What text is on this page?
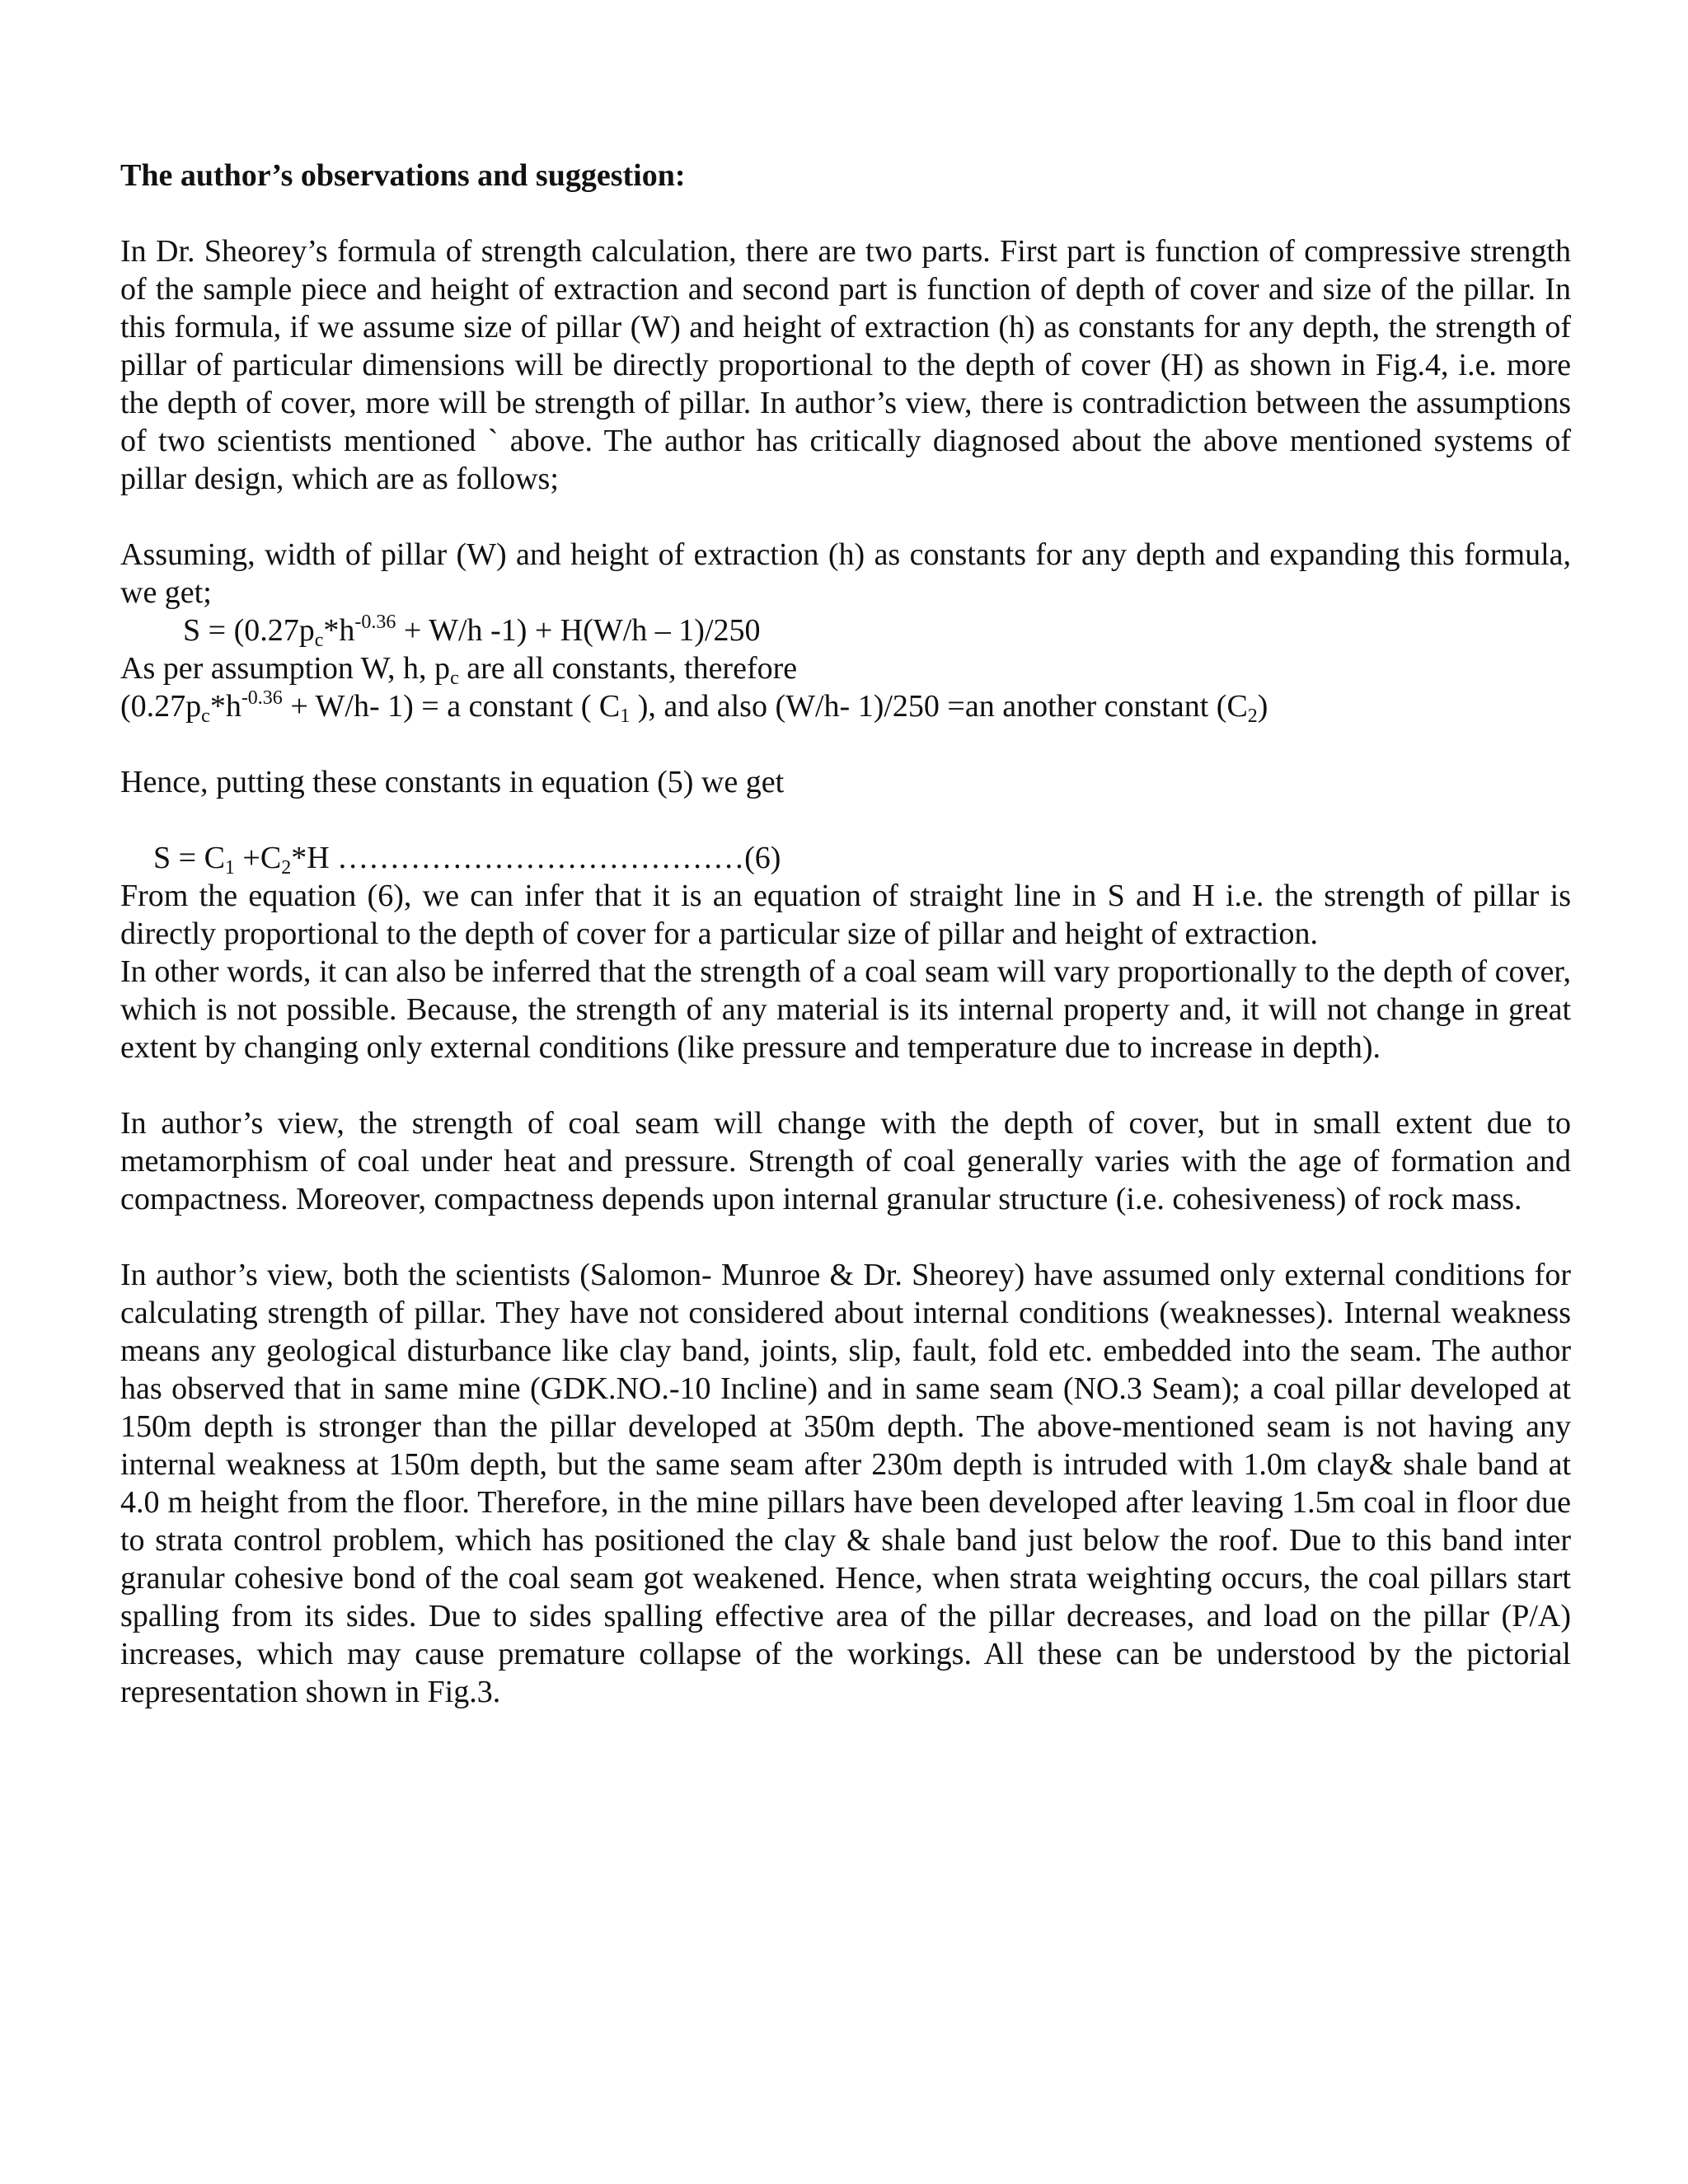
The author’s observations and suggestion:

In Dr. Sheorey’s formula of strength calculation, there are two parts. First part is function of compressive strength of the sample piece and height of extraction and second part is function of depth of cover and size of the pillar. In this formula, if we assume size of pillar (W) and height of extraction (h) as constants for any depth, the strength of pillar of particular dimensions will be directly proportional to the depth of cover (H) as shown in Fig.4, i.e. more the depth of cover, more will be strength of pillar. In author’s view, there is contradiction between the assumptions of two scientists mentioned ` above. The author has critically diagnosed about the above mentioned systems of pillar design, which are as follows;

Assuming, width of pillar (W) and height of extraction (h) as constants for any depth and expanding this formula, we get;

$S = (0.27p_c*h^{-0.36} + W/h$ -1) + H(W/h – 1)/250
As per assumption W, h, $p_c$ are all constants, therefore
($0.27p_c*h^{-0.36} + W/h-$ 1) = a constant ( $C_1$ ), and also (W/h- 1)/250 =an another constant $(C_2)$

Hence, putting these constants in equation (5) we get

$S = C_1 +C_2*H$ …………………………………(6)

From the equation (6), we can infer that it is an equation of straight line in S and H i.e. the strength of pillar is directly proportional to the depth of cover for a particular size of pillar and height of extraction.

In other words, it can also be inferred that the strength of a coal seam will vary proportionally to the depth of cover, which is not possible. Because, the strength of any material is its internal property and, it will not change in great extent by changing only external conditions (like pressure and temperature due to increase in depth).

In author’s view, the strength of coal seam will change with the depth of cover, but in small extent due to metamorphism of coal under heat and pressure. Strength of coal generally varies with the age of formation and compactness. Moreover, compactness depends upon internal granular structure (i.e. cohesiveness) of rock mass.

In author’s view, both the scientists (Salomon- Munroe & Dr. Sheorey) have assumed only external conditions for calculating strength of pillar. They have not considered about internal conditions (weaknesses). Internal weakness means any geological disturbance like clay band, joints, slip, fault, fold etc. embedded into the seam. The author has observed that in same mine (GDK.NO.-10 Incline) and in same seam (NO.3 Seam); a coal pillar developed at 150m depth is stronger than the pillar developed at 350m depth. The above-mentioned seam is not having any internal weakness at 150m depth, but the same seam after 230m depth is intruded with 1.0m clay& shale band at 4.0 m height from the floor. Therefore, in the mine pillars have been developed after leaving 1.5m coal in floor due to strata control problem, which has positioned the clay & shale band just below the roof. Due to this band inter granular cohesive bond of the coal seam got weakened. Hence, when strata weighting occurs, the coal pillars start spalling from its sides. Due to sides spalling effective area of the pillar decreases, and load on the pillar (P/A) increases, which may cause premature collapse of the workings. All these can be understood by the pictorial representation shown in Fig.3.
